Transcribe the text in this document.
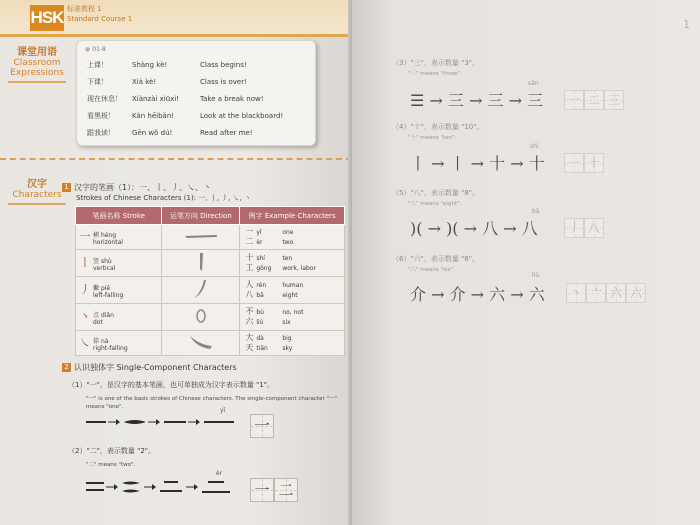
HSK 标准教程 1
Standard Course 1
课堂用语
Classroom
Expressions
● 01-8
上课！	Shàng kè!	Class begins!
下课！	Xià kè!	Class is over!
现在休息！ Xiànzài xiūxi!	Take a break now!
看黑板！ Kàn hēibǎn!	Look at the blackboard!
跟我读！ Gēn wǒ dú!	Read after me!
汉字
Characters
1 汉字的笔画（1）：一、丨、丿、㇏、丶
Strokes of Chinese Characters (1): 一, 丨, 丿, ㇏, 丶
笔画名称 Stroke	运笔方向 Direction	例字 Example Characters
一 横 héng
horizontal		一 yī one
二 èr two

丨 竖 shù
vertical		十 shí ten
工 gōng work, labor

丿 撇 piě
left-falling		人 rén human
八 bā eight

丶 点 diǎn
dot		不 bù no, not
六 liù six

㇏ 捺 nà
right-falling		大 dà big
天 tiān sky
2 认识独体字 Single-Component Characters
（1）"一"，是汉字的基本笔画，也可单独成为汉字表示数量 "1"。
"一" is one of the basic strokes of Chinese characters. The single-component character "一"
means "one".	yī
一
（2）"二"，表示数量 "2"。
"二" means "two".
èr
一 二
1
（3）"三"，表示数量 "3"。
"三" means "three".
sān
☰ → 三 → 三 → 三 一 二 三
（4）"十"，表示数量 "10"。
"十" means "ten".
shí
丨 → 丨 → 十 → 十 一 十
（5）"八"，表示数量 "8"。
"八" means "eight".
bā
)( → )( → 八 → 八	丿 八
（6）"六"，表示数量 "6"。
"六" means "six".
liù
介 → 介 → 六 → 六 丶 亠 六 六
